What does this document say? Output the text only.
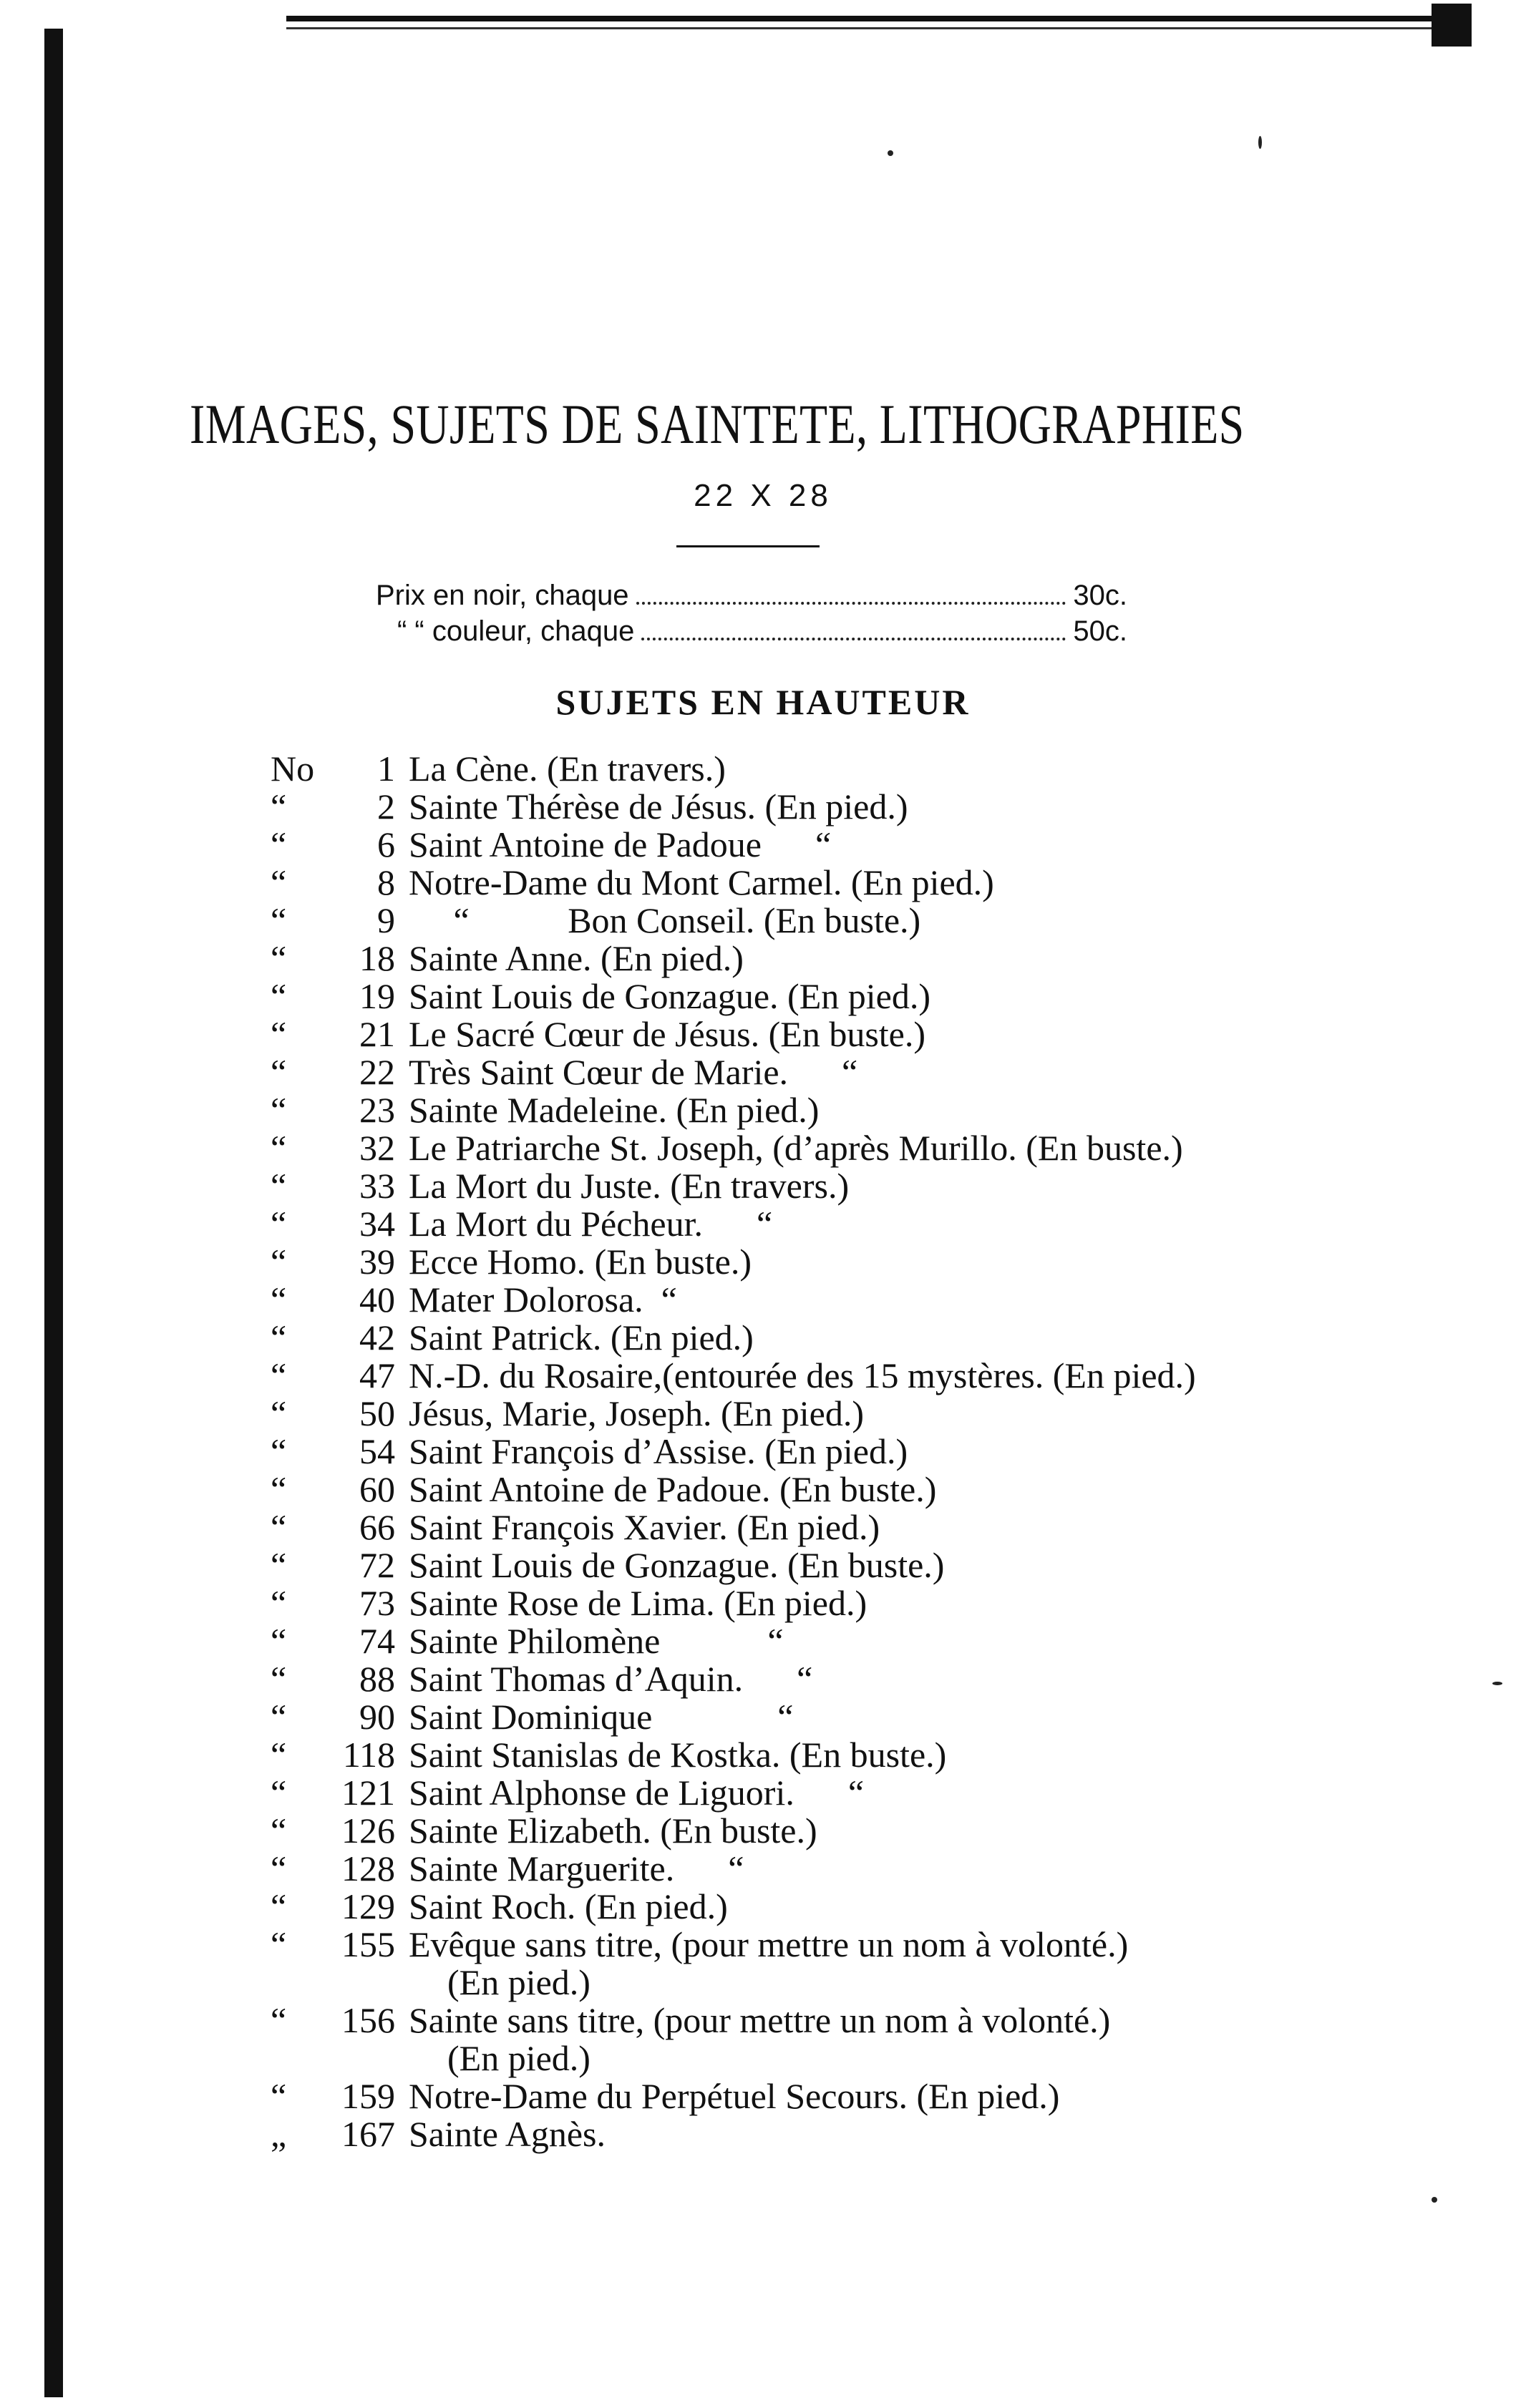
IMAGES, SUJETS DE SAINTETE, LITHOGRAPHIES
22 X 28
Prix en noir, chaque	30c.
“ “ couleur, chaque	50c.
SUJETS EN HAUTEUR
No	1 La Cène. (En travers.)
“	2 Sainte Thérèse de Jésus. (En pied.)
“	6 Saint Antoine de Padoue      “
“	8 Notre-Dame du Mont Carmel. (En pied.)
“	9 “           Bon Conseil. (En buste.)
“	18 Sainte Anne. (En pied.)
“	19 Saint Louis de Gonzague. (En pied.)
“	21 Le Sacré Cœur de Jésus. (En buste.)
“	22 Très Saint Cœur de Marie.      “
“	23 Sainte Madeleine. (En pied.)
“	32 Le Patriarche St. Joseph, (d’après Murillo. (En buste.)
“	33 La Mort du Juste. (En travers.)
“	34 La Mort du Pécheur.      “
“	39 Ecce Homo. (En buste.)
“	40 Mater Dolorosa.  “
“	42 Saint Patrick. (En pied.)
“	47 N.-D. du Rosaire,(entourée des 15 mystères. (En pied.)
“	50 Jésus, Marie, Joseph. (En pied.)
“	54 Saint François d’Assise. (En pied.)
“	60 Saint Antoine de Padoue. (En buste.)
“	66 Saint François Xavier. (En pied.)
“	72 Saint Louis de Gonzague. (En buste.)
“	73 Sainte Rose de Lima. (En pied.)
“	74 Sainte Philomène            “
“	88 Saint Thomas d’Aquin.      “
“	90 Saint Dominique              “
“	118 Saint Stanislas de Kostka. (En buste.)
“	121 Saint Alphonse de Liguori.      “
“	126 Sainte Elizabeth. (En buste.)
“	128 Sainte Marguerite.      “
“	129 Saint Roch. (En pied.)
“	155 Evêque sans titre, (pour mettre un nom à volonté.)
(En pied.)
“	156 Sainte sans titre, (pour mettre un nom à volonté.)
(En pied.)
“	159 Notre-Dame du Perpétuel Secours. (En pied.)
„	167 Sainte Agnès.
